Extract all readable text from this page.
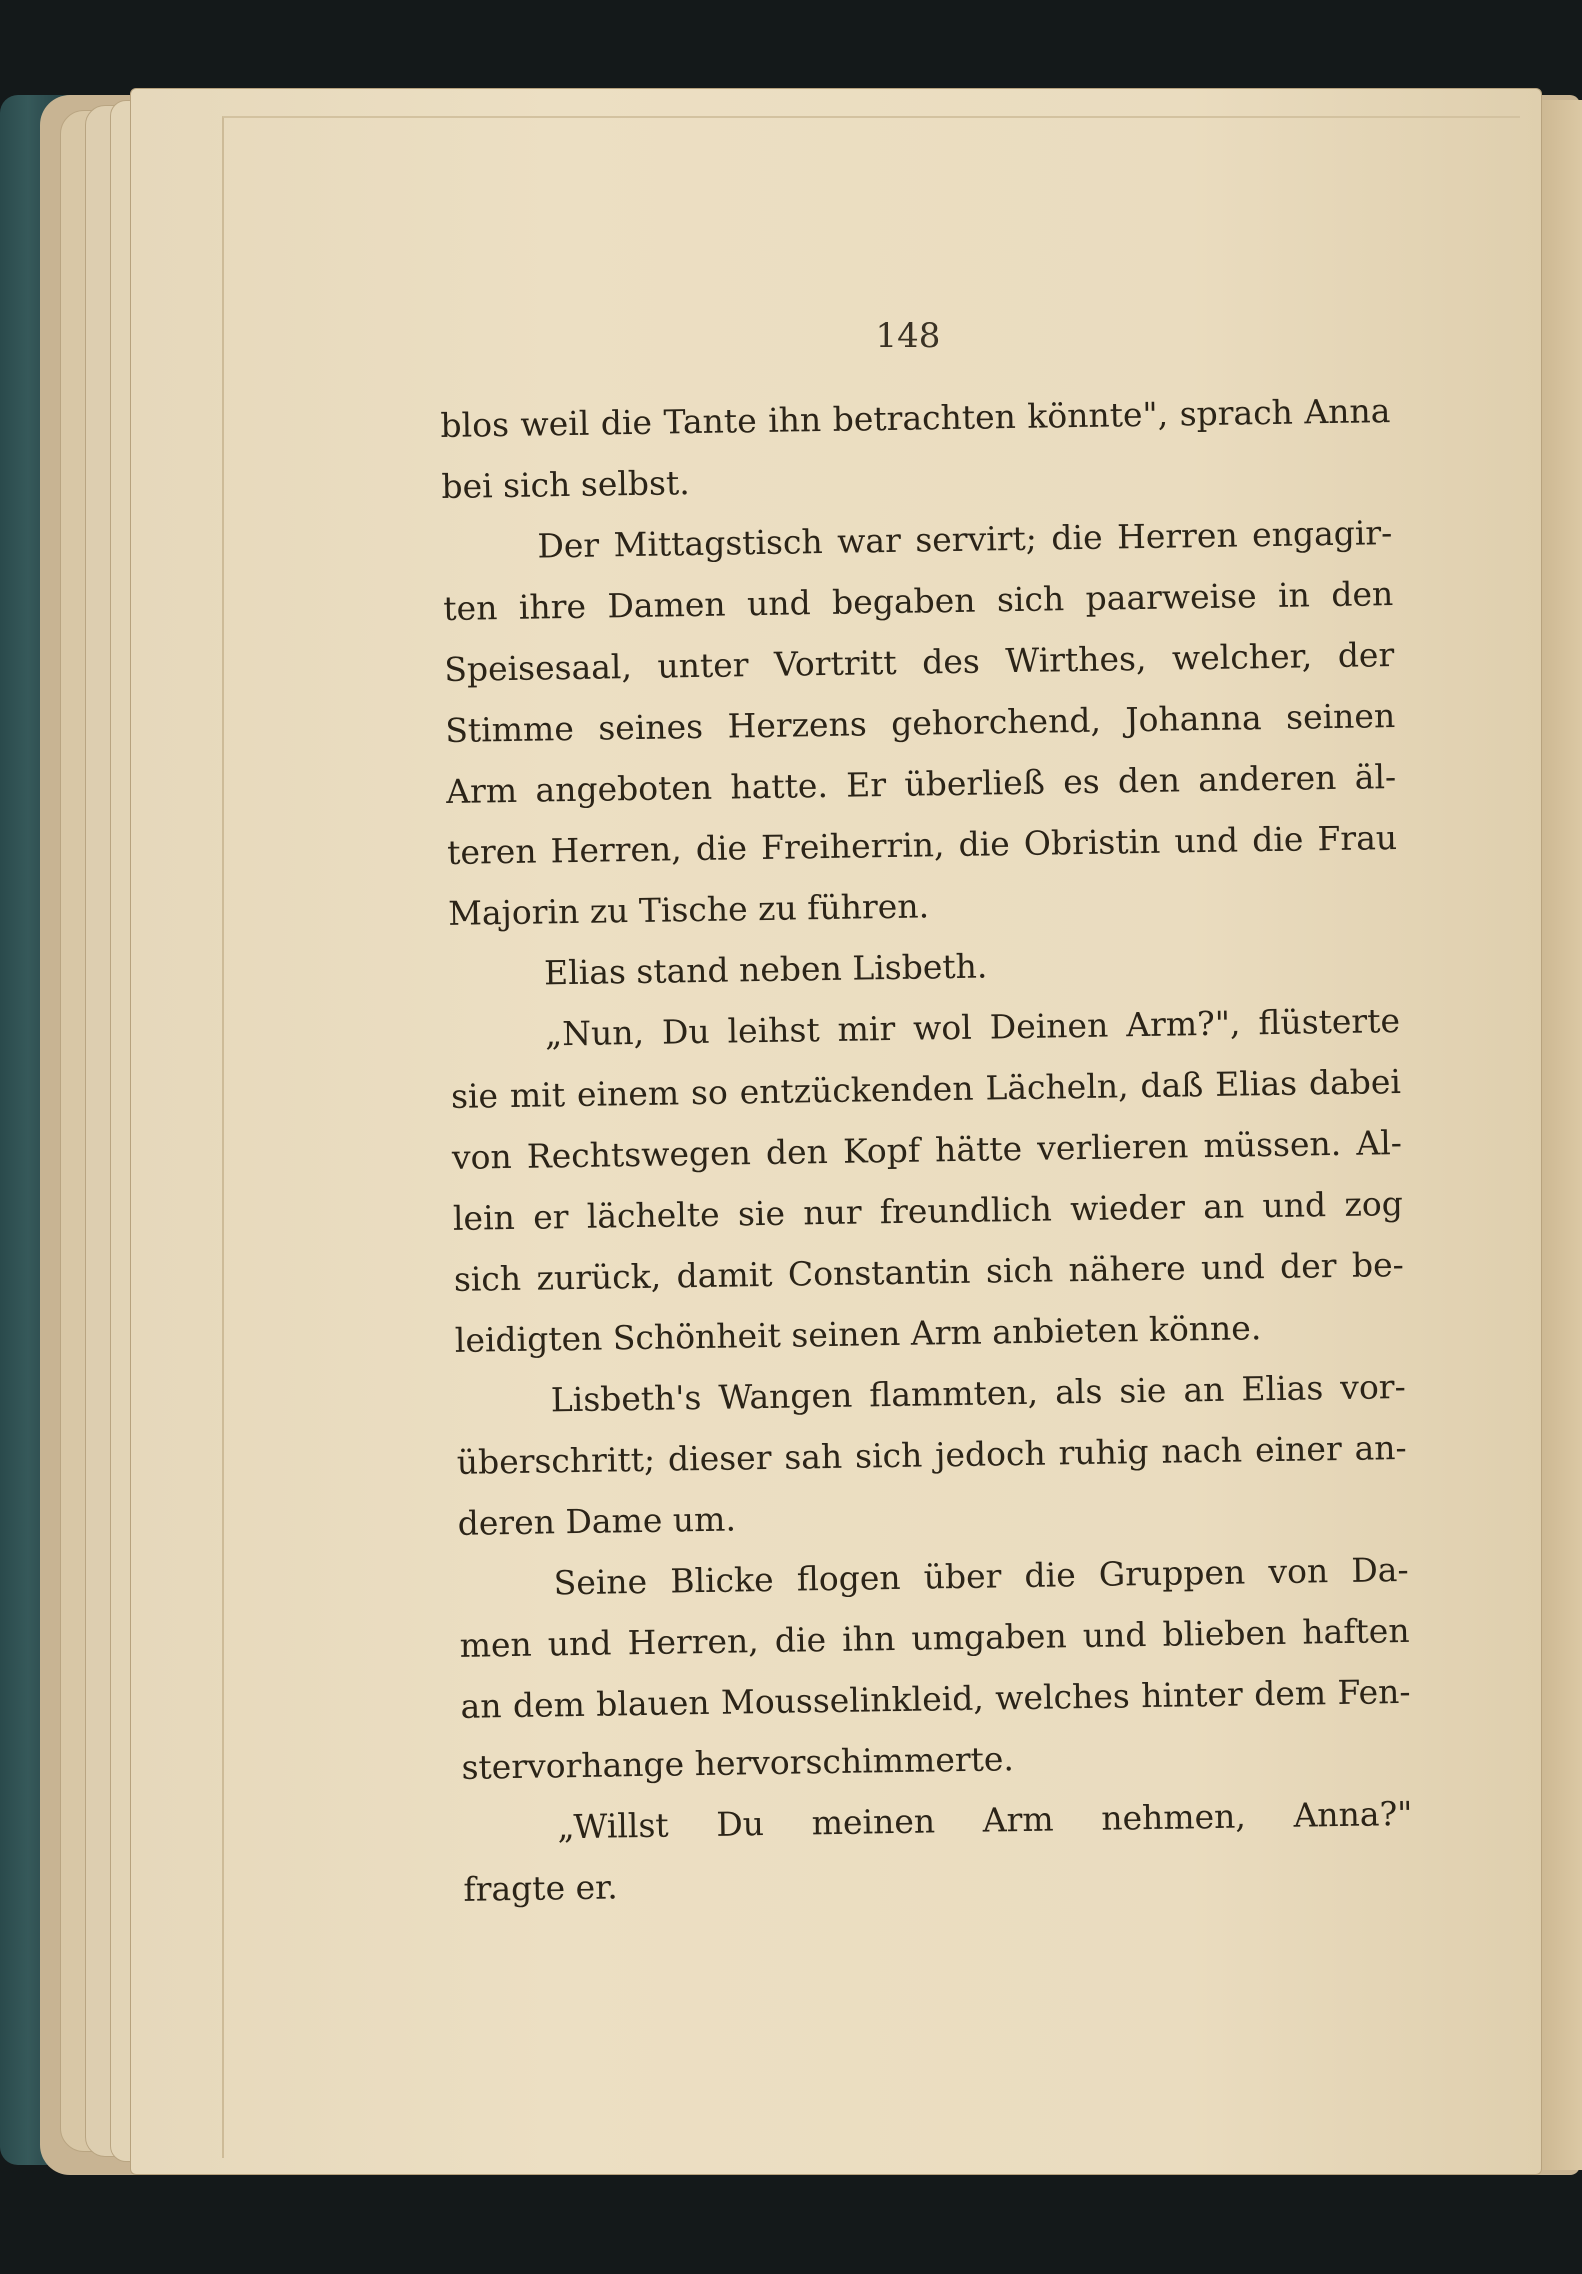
148
blos weil die Tante ihn betrachten könnte", sprach Anna
bei sich selbst.
Der Mittagstisch war servirt; die Herren engagir-
ten ihre Damen und begaben sich paarweise in den
Speisesaal, unter Vortritt des Wirthes, welcher, der
Stimme seines Herzens gehorchend, Johanna seinen
Arm angeboten hatte. Er überließ es den anderen äl-
teren Herren, die Freiherrin, die Obristin und die Frau
Majorin zu Tische zu führen.
Elias stand neben Lisbeth.
„Nun, Du leihst mir wol Deinen Arm?", flüsterte
sie mit einem so entzückenden Lächeln, daß Elias dabei
von Rechtswegen den Kopf hätte verlieren müssen. Al-
lein er lächelte sie nur freundlich wieder an und zog
sich zurück, damit Constantin sich nähere und der be-
leidigten Schönheit seinen Arm anbieten könne.
Lisbeth's Wangen flammten, als sie an Elias vor-
überschritt; dieser sah sich jedoch ruhig nach einer an-
deren Dame um.
Seine Blicke flogen über die Gruppen von Da-
men und Herren, die ihn umgaben und blieben haften
an dem blauen Mousselinkleid, welches hinter dem Fen-
stervorhange hervorschimmerte.
„Willst Du meinen Arm nehmen, Anna?"
fragte er.
